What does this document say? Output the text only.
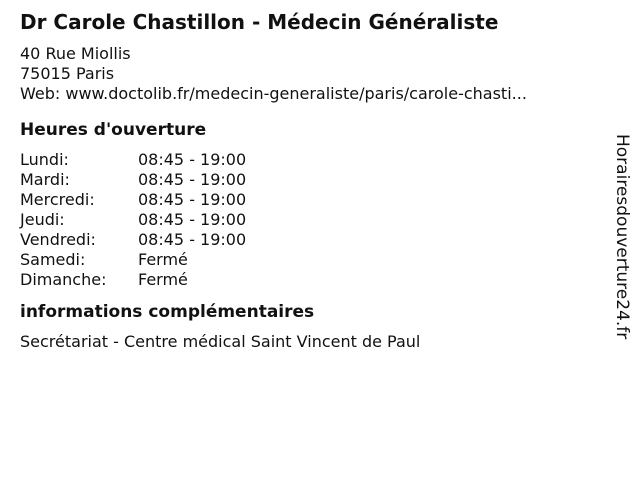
Dr Carole Chastillon - Médecin Généraliste
40 Rue Miollis
75015 Paris
Web: www.doctolib.fr/medecin-generaliste/paris/carole-chasti...
Heures d'ouverture
Lundi:	08:45 - 19:00
Mardi:	08:45 - 19:00
Mercredi:	08:45 - 19:00
Jeudi:	08:45 - 19:00
Vendredi:	08:45 - 19:00
Samedi:	Fermé
Dimanche:	Fermé
informations complémentaires
Secrétariat - Centre médical Saint Vincent de Paul
Horairesdouverture24.fr
